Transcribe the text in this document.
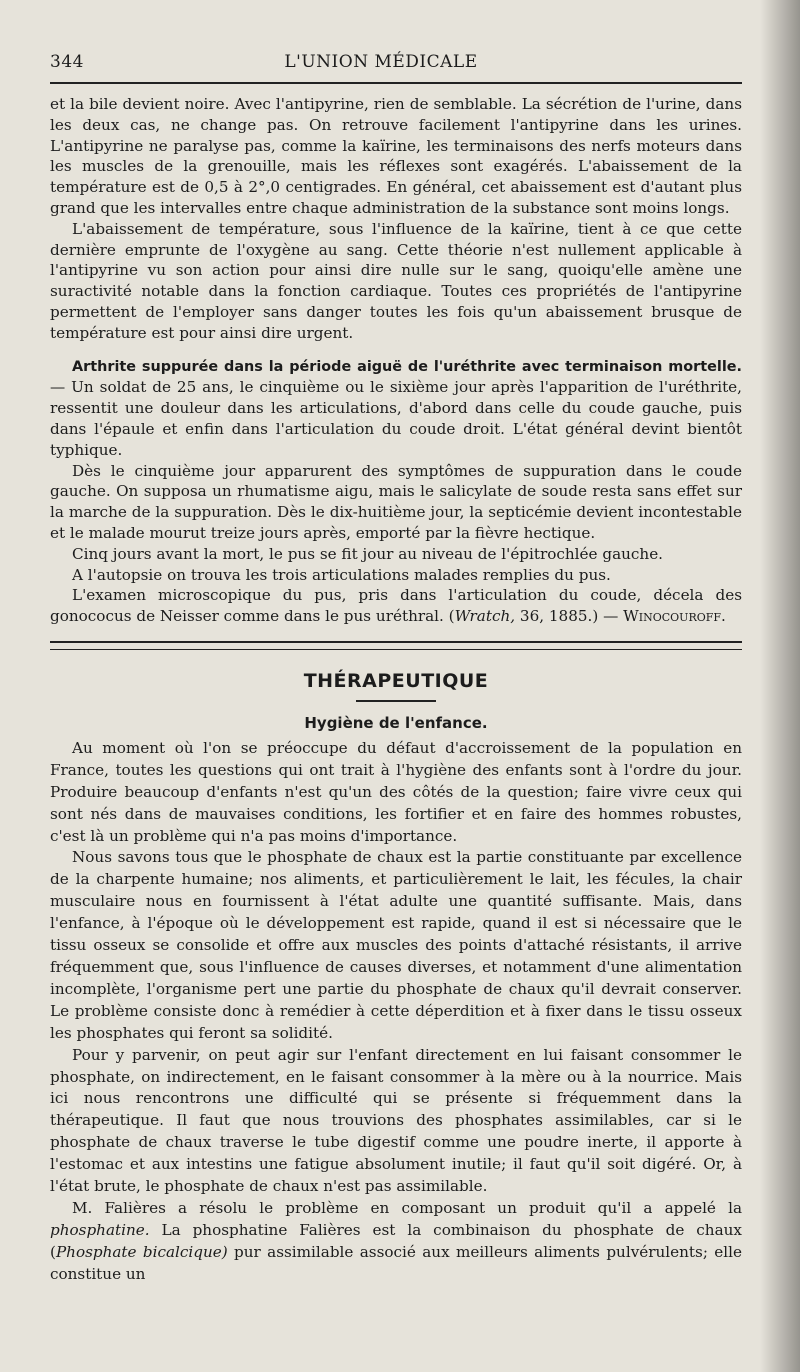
344	L'UNION MÉDICALE

et la bile devient noire. Avec l'antipyrine, rien de semblable. La sécrétion de l'urine, dans les deux cas, ne change pas. On retrouve facilement l'antipyrine dans les urines. L'antipyrine ne paralyse pas, comme la kaïrine, les terminaisons des nerfs moteurs dans les muscles de la grenouille, mais les réflexes sont exagérés. L'abaissement de la température est de 0,5 à 2°,0 centigrades. En général, cet abaissement est d'autant plus grand que les intervalles entre chaque administration de la substance sont moins longs.

L'abaissement de température, sous l'influence de la kaïrine, tient à ce que cette dernière emprunte de l'oxygène au sang. Cette théorie n'est nullement applicable à l'antipyrine vu son action pour ainsi dire nulle sur le sang, quoiqu'elle amène une suractivité notable dans la fonction cardiaque. Toutes ces propriétés de l'antipyrine permettent de l'employer sans danger toutes les fois qu'un abaissement brusque de température est pour ainsi dire urgent.

Arthrite suppurée dans la période aiguë de l'uréthrite avec terminaison mortelle. — Un soldat de 25 ans, le cinquième ou le sixième jour après l'apparition de l'uréthrite, ressentit une douleur dans les articulations, d'abord dans celle du coude gauche, puis dans l'épaule et enfin dans l'articulation du coude droit. L'état général devint bientôt typhique.

Dès le cinquième jour apparurent des symptômes de suppuration dans le coude gauche. On supposa un rhumatisme aigu, mais le salicylate de soude resta sans effet sur la marche de la suppuration. Dès le dix-huitième jour, la septicémie devient incontestable et le malade mourut treize jours après, emporté par la fièvre hectique.

Cinq jours avant la mort, le pus se fit jour au niveau de l'épitrochlée gauche.

A l'autopsie on trouva les trois articulations malades remplies du pus.

L'examen microscopique du pus, pris dans l'articulation du coude, décela des gonococus de Neisser comme dans le pus uréthral. (Wratch, 36, 1885.) — Winocouroff.

THÉRAPEUTIQUE
Hygiène de l'enfance.

Au moment où l'on se préoccupe du défaut d'accroissement de la population en France, toutes les questions qui ont trait à l'hygiène des enfants sont à l'ordre du jour. Produire beaucoup d'enfants n'est qu'un des côtés de la question; faire vivre ceux qui sont nés dans de mauvaises conditions, les fortifier et en faire des hommes robustes, c'est là un problème qui n'a pas moins d'importance.

Nous savons tous que le phosphate de chaux est la partie constituante par excellence de la charpente humaine; nos aliments, et particulièrement le lait, les fécules, la chair musculaire nous en fournissent à l'état adulte une quantité suffisante. Mais, dans l'enfance, à l'époque où le développement est rapide, quand il est si nécessaire que le tissu osseux se consolide et offre aux muscles des points d'attaché résistants, il arrive fréquemment que, sous l'influence de causes diverses, et notamment d'une alimentation incomplète, l'organisme pert une partie du phosphate de chaux qu'il devrait conserver. Le problème consiste donc à remédier à cette déperdition et à fixer dans le tissu osseux les phosphates qui feront sa solidité.

Pour y parvenir, on peut agir sur l'enfant directement en lui faisant consommer le phosphate, on indirectement, en le faisant consommer à la mère ou à la nourrice. Mais ici nous rencontrons une difficulté qui se présente si fréquemment dans la thérapeutique. Il faut que nous trouvions des phosphates assimilables, car si le phosphate de chaux traverse le tube digestif comme une poudre inerte, il apporte à l'estomac et aux intestins une fatigue absolument inutile; il faut qu'il soit digéré. Or, à l'état brute, le phosphate de chaux n'est pas assimilable.

M. Falières a résolu le problème en composant un produit qu'il a appelé la phosphatine. La phosphatine Falières est la combinaison du phosphate de chaux (Phosphate bicalcique) pur assimilable associé aux meilleurs aliments pulvérulents; elle constitue un
